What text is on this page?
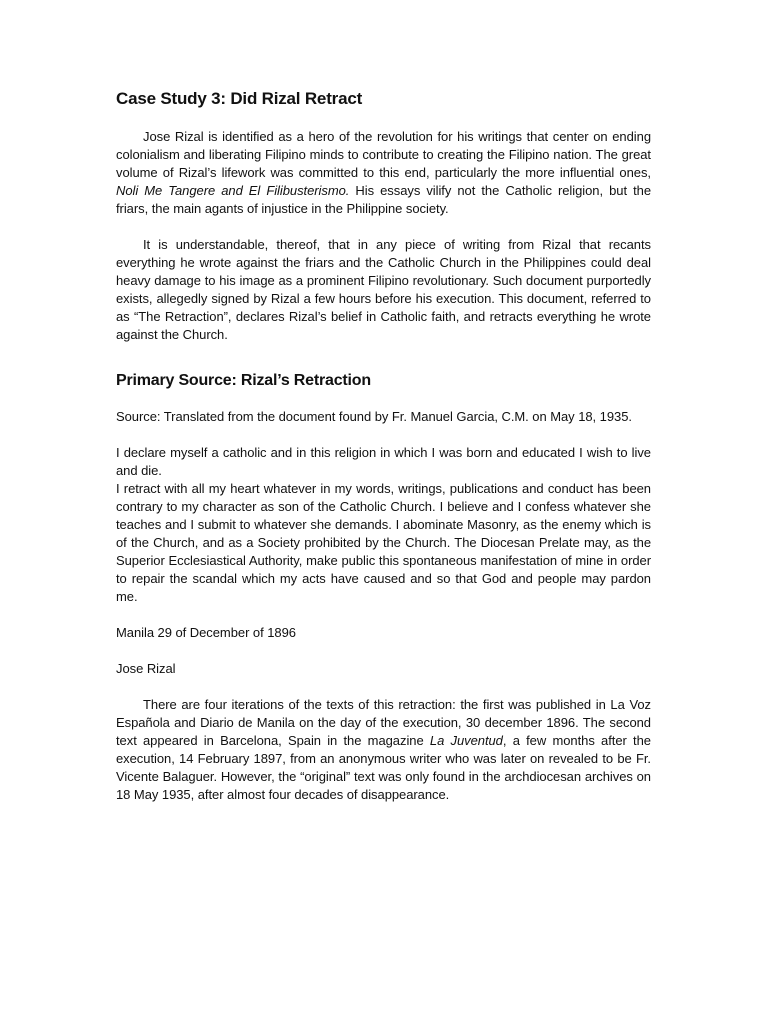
Case Study 3: Did Rizal Retract

Jose Rizal is identified as a hero of the revolution for his writings that center on ending colonialism and liberating Filipino minds to contribute to creating the Filipino nation. The great volume of Rizal’s lifework was committed to this end, particularly the more influential ones, Noli Me Tangere and El Filibusterismo. His essays vilify not the Catholic religion, but the friars, the main agants of injustice in the Philippine society.

It is understandable, thereof, that in any piece of writing from Rizal that recants everything he wrote against the friars and the Catholic Church in the Philippines could deal heavy damage to his image as a prominent Filipino revolutionary. Such document purportedly exists, allegedly signed by Rizal a few hours before his execution. This document, referred to as “The Retraction”, declares Rizal’s belief in Catholic faith, and retracts everything he wrote against the Church.

Primary Source: Rizal’s Retraction

Source: Translated from the document found by Fr. Manuel Garcia, C.M. on May 18, 1935.

I declare myself a catholic and in this religion in which I was born and educated I wish to live and die.

I retract with all my heart whatever in my words, writings, publications and conduct has been contrary to my character as son of the Catholic Church. I believe and I confess whatever she teaches and I submit to whatever she demands. I abominate Masonry, as the enemy which is of the Church, and as a Society prohibited by the Church. The Diocesan Prelate may, as the Superior Ecclesiastical Authority, make public this spontaneous manifestation of mine in order to repair the scandal which my acts have caused and so that God and people may pardon me.

Manila 29 of December of 1896

Jose Rizal

There are four iterations of the texts of this retraction: the first was published in La Voz Española and Diario de Manila on the day of the execution, 30 december 1896. The second text appeared in Barcelona, Spain in the magazine La Juventud, a few months after the execution, 14 February 1897, from an anonymous writer who was later on revealed to be Fr. Vicente Balaguer. However, the “original” text was only found in the archdiocesan archives on 18 May 1935, after almost four decades of disappearance.
